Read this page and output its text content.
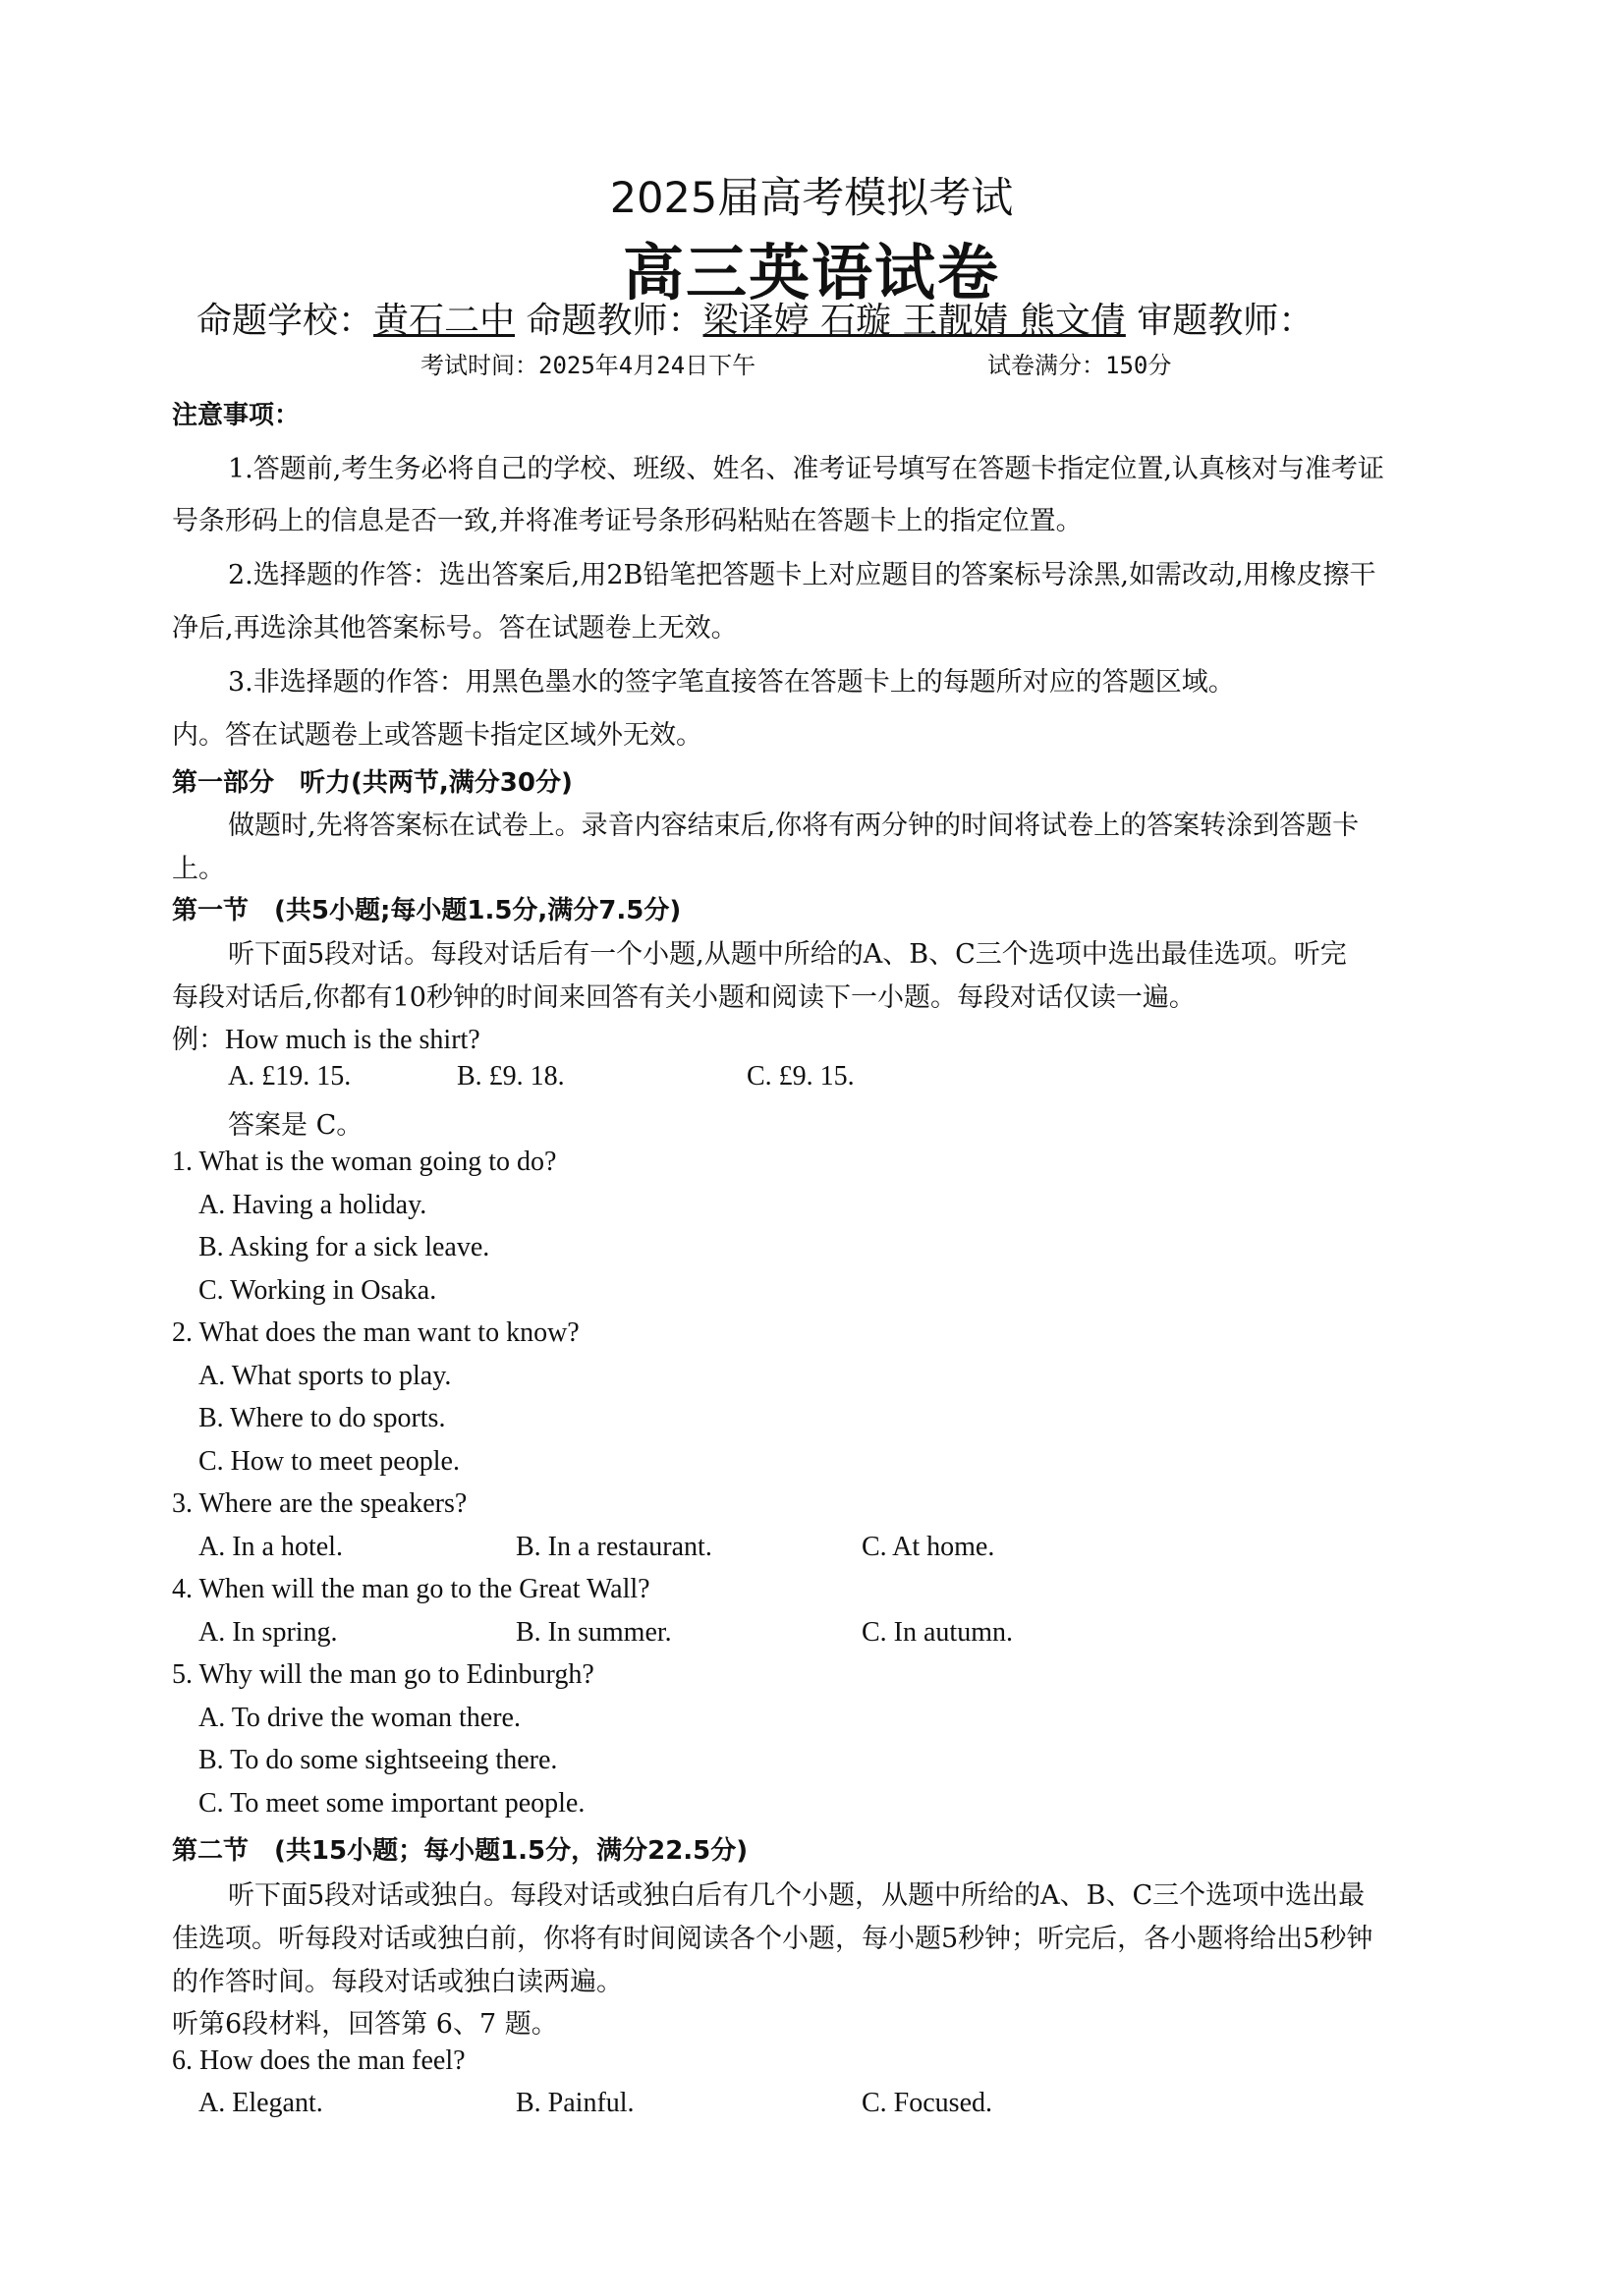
2025届高考模拟考试
高三英语试卷
命题学校：黄石二中 命题教师：梁译婷 石璇 王靓婧 熊文倩 审题教师：
考试时间：2025年4月24日下午	试卷满分：150分
注意事项：
1.答题前,考生务必将自己的学校、班级、姓名、准考证号填写在答题卡指定位置,认真核对与准考证
号条形码上的信息是否一致,并将准考证号条形码粘贴在答题卡上的指定位置。
2.选择题的作答：选出答案后,用2B铅笔把答题卡上对应题目的答案标号涂黑,如需改动,用橡皮擦干
净后,再选涂其他答案标号。答在试题卷上无效。
3.非选择题的作答：用黑色墨水的签字笔直接答在答题卡上的每题所对应的答题区域。
内。答在试题卷上或答题卡指定区域外无效。
第一部分　听力(共两节,满分30分)
做题时,先将答案标在试卷上。录音内容结束后,你将有两分钟的时间将试卷上的答案转涂到答题卡
上。
第一节　(共5小题;每小题1.5分,满分7.5分)
听下面5段对话。每段对话后有一个小题,从题中所给的A、B、C三个选项中选出最佳选项。听完
每段对话后,你都有10秒钟的时间来回答有关小题和阅读下一小题。每段对话仅读一遍。
例：How much is the shirt?
A. £19. 15.	B. £9. 18.	C. £9. 15.
答案是 C。
1. What is the woman going to do?
A. Having a holiday.
B. Asking for a sick leave.
C. Working in Osaka.
2. What does the man want to know?
A. What sports to play.
B. Where to do sports.
C. How to meet people.
3. Where are the speakers?
A. In a hotel.	B. In a restaurant.	C. At home.
4. When will the man go to the Great Wall?
A. In spring.	B. In summer.	C. In autumn.
5. Why will the man go to Edinburgh?
A. To drive the woman there.
B. To do some sightseeing there.
C. To meet some important people.
第二节　(共15小题；每小题1.5分，满分22.5分)
听下面5段对话或独白。每段对话或独白后有几个小题，从题中所给的A、B、C三个选项中选出最
佳选项。听每段对话或独白前，你将有时间阅读各个小题，每小题5秒钟；听完后，各小题将给出5秒钟
的作答时间。每段对话或独白读两遍。
听第6段材料，回答第 6、7 题。
6. How does the man feel?
A. Elegant.	B. Painful.	C. Focused.
